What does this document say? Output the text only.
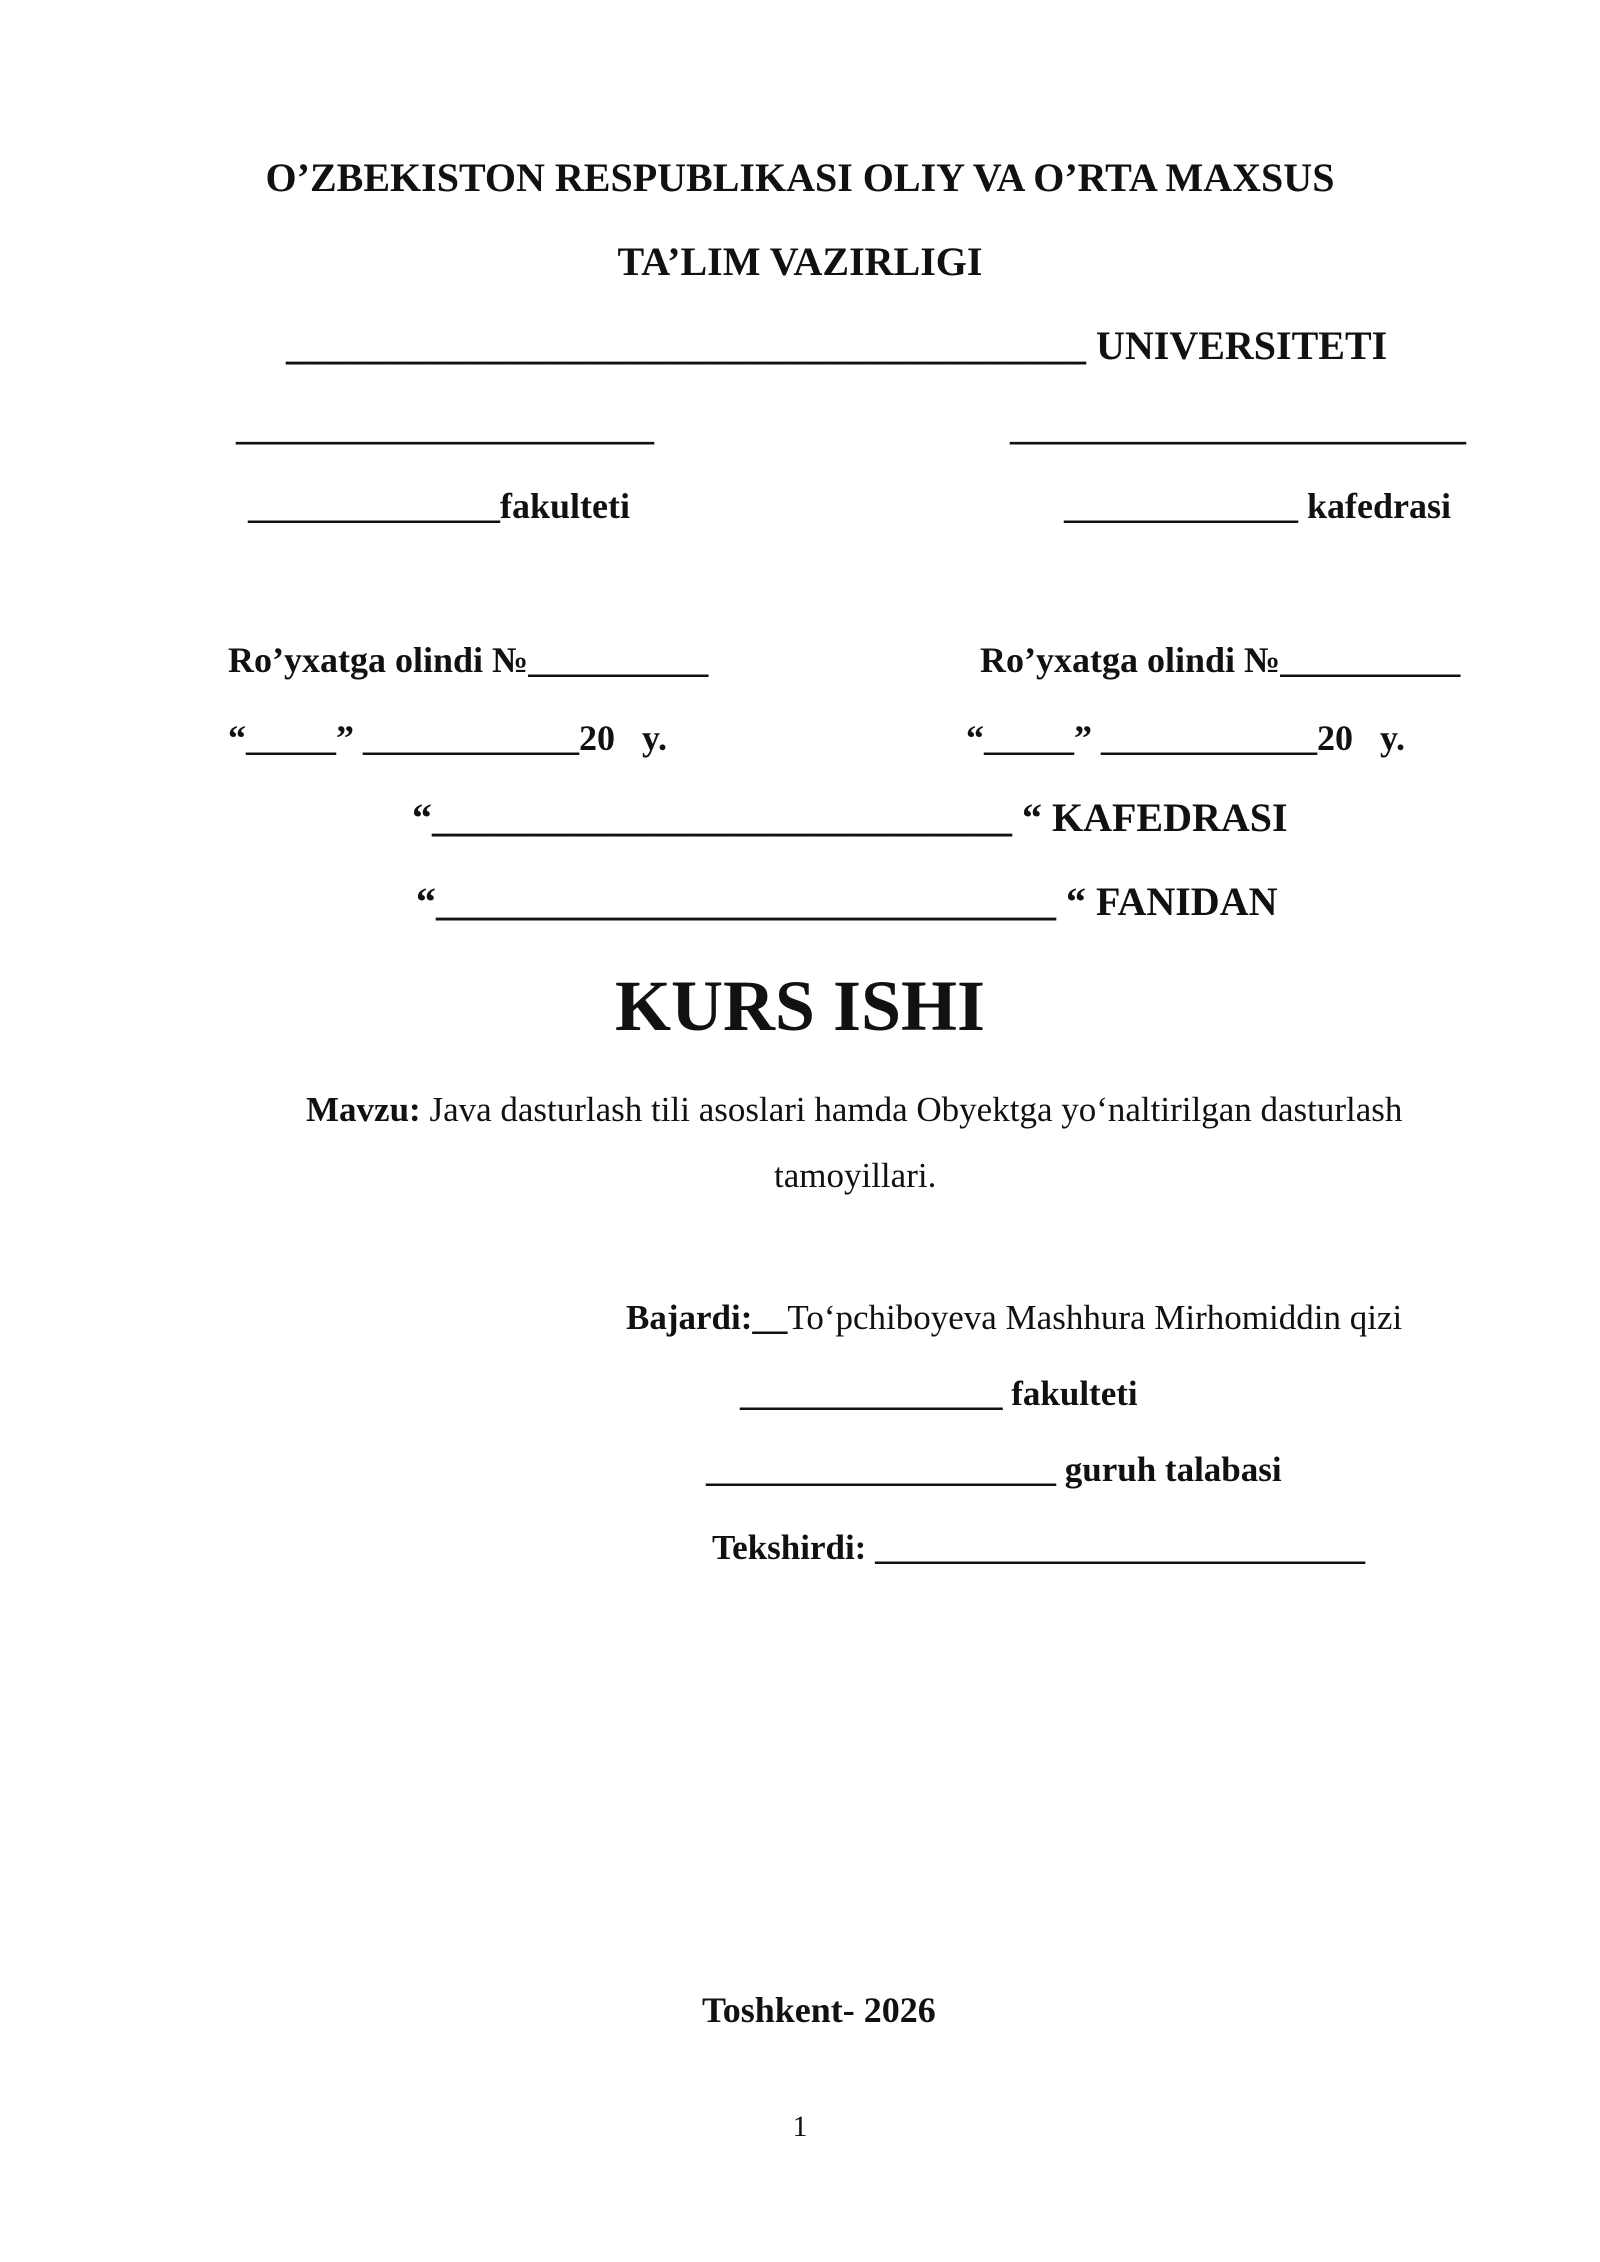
O’ZBEKISTON RESPUBLIKASI OLIY VA O’RTA MAXSUS
TA’LIM VAZIRLIGI
________________________________________ UNIVERSITETI
______________________	________________________
______________fakulteti	_____________ kafedrasi
Ro’yxatga olindi №__________	Ro’yxatga olindi №__________
“_____” ____________20   y.	“_____” ____________20   y.
“_____________________________ “ KAFEDRASI
“_______________________________ “ FANIDAN
KURS ISHI
Mavzu: Java dasturlash tili asoslari hamda Obyektga yo‘naltirilgan dasturlash
tamoyillari.
Bajardi:__To‘pchiboyeva Mashhura Mirhomiddin qizi
_______________ fakulteti
____________________ guruh talabasi
Tekshirdi: ____________________________
Toshkent- 2026
1
